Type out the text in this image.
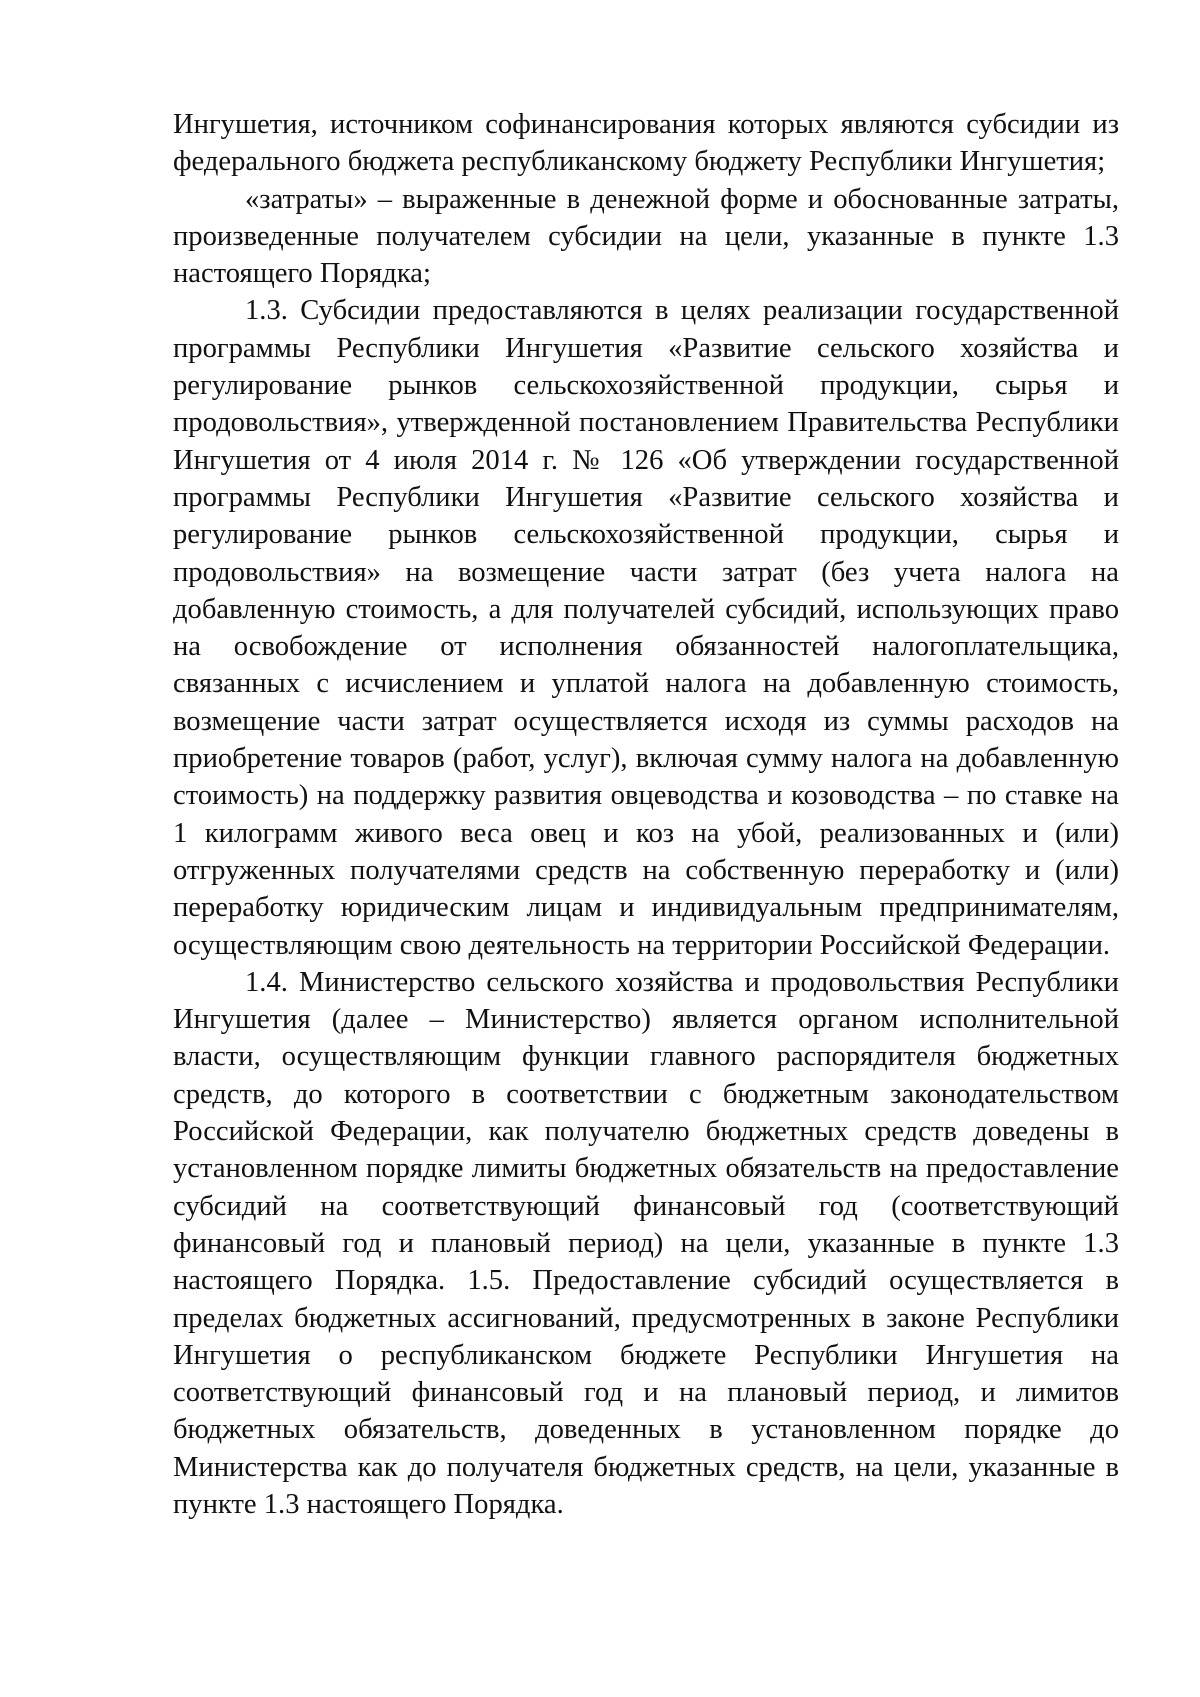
Ингушетия, источником софинансирования которых являются субсидии из федерального бюджета республиканскому бюджету Республики Ингушетия;

«затраты» – выраженные в денежной форме и обоснованные затраты, произведенные получателем субсидии на цели, указанные в пункте 1.3 настоящего Порядка;

1.3. Субсидии предоставляются в целях реализации государственной программы Республики Ингушетия «Развитие сельского хозяйства и регулирование рынков сельскохозяйственной продукции, сырья и продовольствия», утвержденной постановлением Правительства Республики Ингушетия от 4 июля 2014 г. № 126 «Об утверждении государственной программы Республики Ингушетия «Развитие сельского хозяйства и регулирование рынков сельскохозяйственной продукции, сырья и продовольствия» на возмещение части затрат (без учета налога на добавленную стоимость, а для получателей субсидий, использующих право на освобождение от исполнения обязанностей налогоплательщика, связанных с исчислением и уплатой налога на добавленную стоимость, возмещение части затрат осуществляется исходя из суммы расходов на приобретение товаров (работ, услуг), включая сумму налога на добавленную стоимость) на поддержку развития овцеводства и козоводства – по ставке на 1 килограмм живого веса овец и коз на убой, реализованных и (или) отгруженных получателями средств на собственную переработку и (или) переработку юридическим лицам и индивидуальным предпринимателям, осуществляющим свою деятельность на территории Российской Федерации.

1.4. Министерство сельского хозяйства и продовольствия Республики Ингушетия (далее – Министерство) является органом исполнительной власти, осуществляющим функции главного распорядителя бюджетных средств, до которого в соответствии с бюджетным законодательством Российской Федерации, как получателю бюджетных средств доведены в установленном порядке лимиты бюджетных обязательств на предоставление субсидий на соответствующий финансовый год (соответствующий финансовый год и плановый период) на цели, указанные в пункте 1.3 настоящего Порядка. 1.5. Предоставление субсидий осуществляется в пределах бюджетных ассигнований, предусмотренных в законе Республики Ингушетия о республиканском бюджете Республики Ингушетия на соответствующий финансовый год и на плановый период, и лимитов бюджетных обязательств, доведенных в установленном порядке до Министерства как до получателя бюджетных средств, на цели, указанные в пункте 1.3 настоящего Порядка.
